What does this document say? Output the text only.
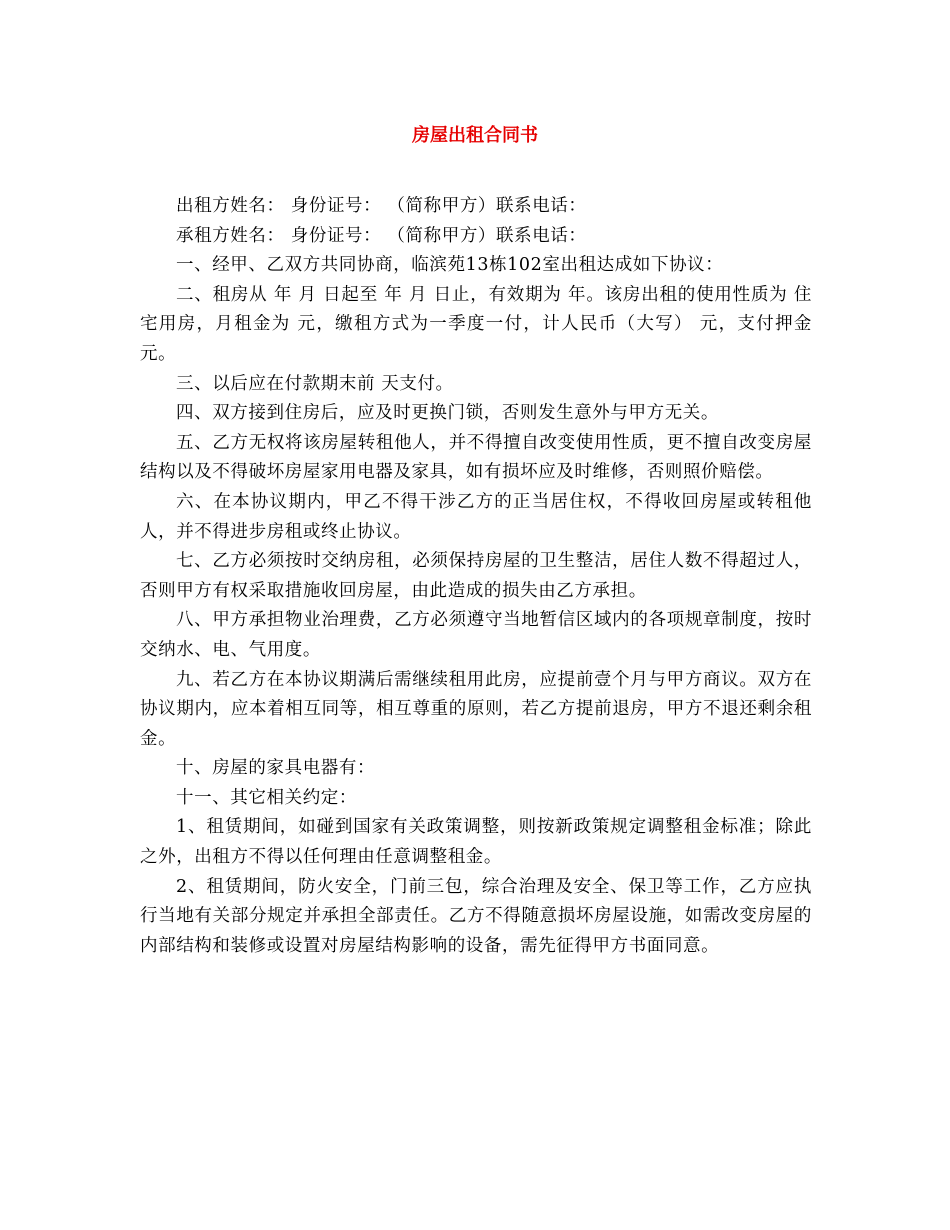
房屋出租合同书

出租方姓名： 身份证号： （简称甲方）联系电话：

承租方姓名： 身份证号： （简称甲方）联系电话：

一、经甲、乙双方共同协商，临滨苑13栋102室出租达成如下协议：

二、租房从 年 月 日起至 年 月 日止，有效期为 年。该房出租的使用性质为 住宅用房，月租金为 元，缴租方式为一季度一付，计人民币（大写） 元，支付押金 元。

三、以后应在付款期末前 天支付。

四、双方接到住房后，应及时更换门锁，否则发生意外与甲方无关。

五、乙方无权将该房屋转租他人，并不得擅自改变使用性质，更不擅自改变房屋结构以及不得破坏房屋家用电器及家具，如有损坏应及时维修，否则照价赔偿。

六、在本协议期内，甲乙不得干涉乙方的正当居住权，不得收回房屋或转租他人，并不得进步房租或终止协议。

七、乙方必须按时交纳房租，必须保持房屋的卫生整洁，居住人数不得超过人，否则甲方有权采取措施收回房屋，由此造成的损失由乙方承担。

八、甲方承担物业治理费，乙方必须遵守当地暂信区域内的各项规章制度，按时交纳水、电、气用度。

九、若乙方在本协议期满后需继续租用此房，应提前壹个月与甲方商议。双方在协议期内，应本着相互同等，相互尊重的原则，若乙方提前退房，甲方不退还剩余租金。

十、房屋的家具电器有：

十一、其它相关约定：

1、租赁期间，如碰到国家有关政策调整，则按新政策规定调整租金标准；除此之外，出租方不得以任何理由任意调整租金。

2、租赁期间，防火安全，门前三包，综合治理及安全、保卫等工作，乙方应执行当地有关部分规定并承担全部责任。乙方不得随意损坏房屋设施，如需改变房屋的内部结构和装修或设置对房屋结构影响的设备，需先征得甲方书面同意。
